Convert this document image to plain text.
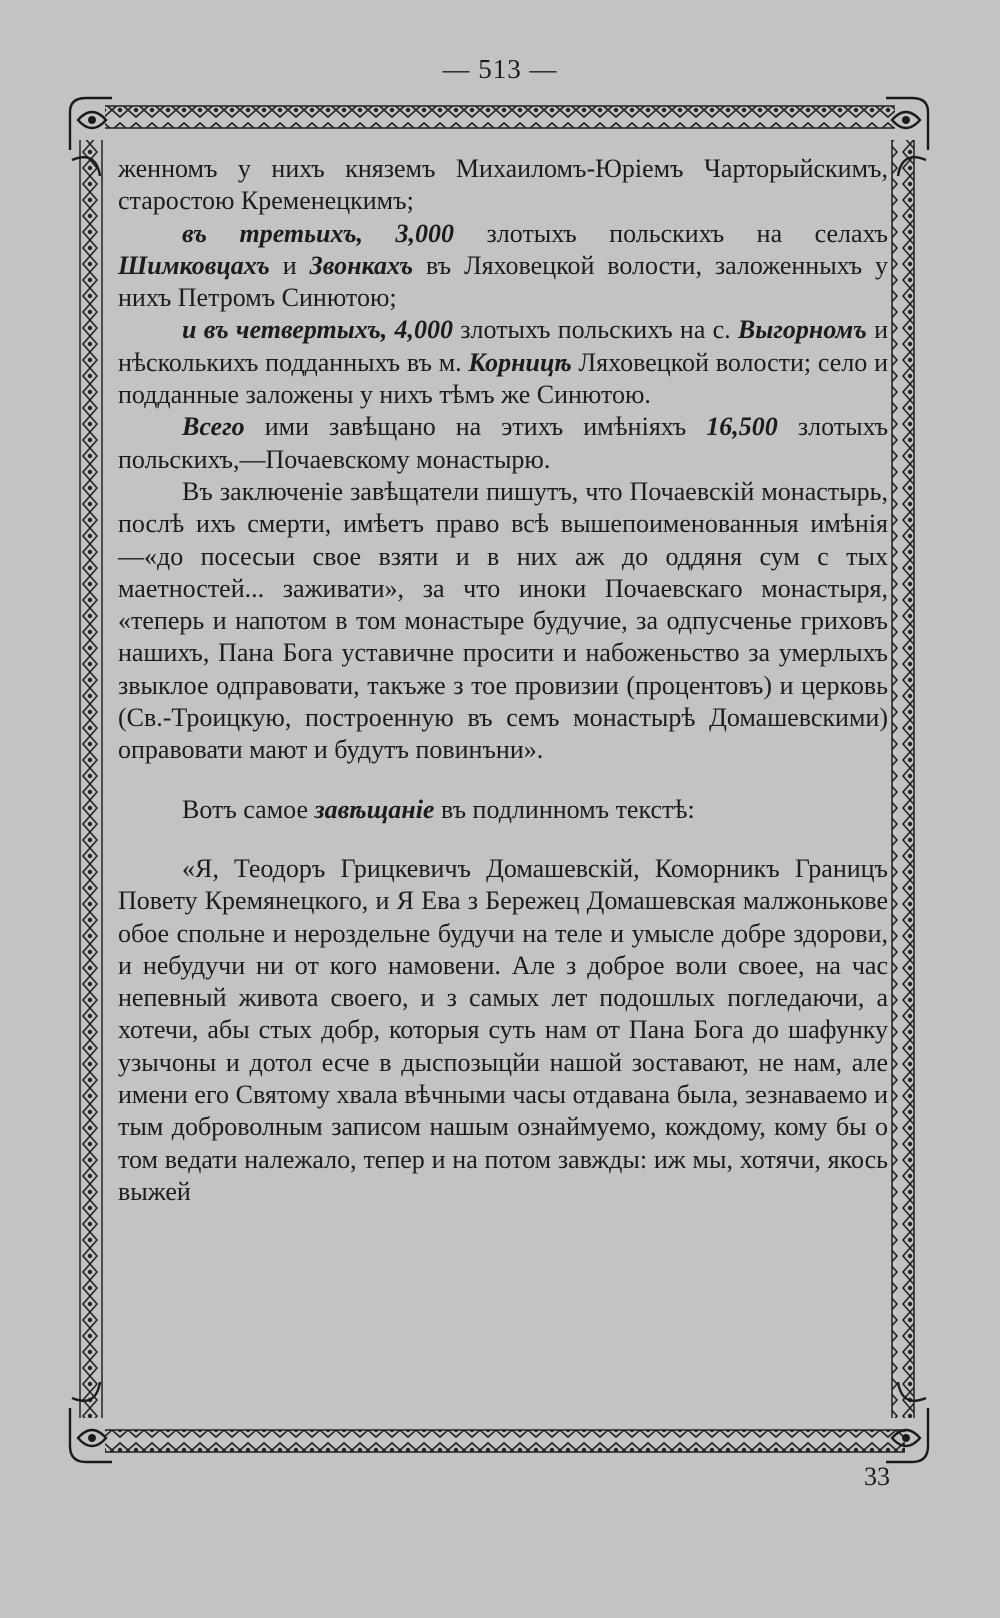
— 513 —

женномъ у нихъ княземъ Михаиломъ-Юріемъ Чарторыйскимъ, старостою Кременецкимъ;

въ третьихъ, 3,000 злотыхъ польскихъ на селахъ Шимковцахъ и Звонкахъ въ Ляховецкой волости, заложенныхъ у нихъ Петромъ Синютою;

и въ четвертыхъ, 4,000 злотыхъ польскихъ на с. Выгорномъ и нѣсколькихъ подданныхъ въ м. Корницѣ Ляховецкой волости; село и подданные заложены у нихъ тѣмъ же Синютою.

Всего ими завѣщано на этихъ имѣніяхъ 16,500 злотыхъ польскихъ,—Почаевскому монастырю.

Въ заключеніе завѣщатели пишутъ, что Почаевскій монастырь, послѣ ихъ смерти, имѣетъ право всѣ вышепоименованныя имѣнія—«до посесыи свое взяти и в них аж до оддяня сум с тых маетностей... заживати», за что иноки Почаевскаго монастыря, «теперь и напотом в том монастыре будучие, за одпусченье гриховъ нашихъ, Пана Бога уставичне просити и набоженьство за умерлыхъ звыклое одправовати, такъже з тое провизии (процентовъ) и церковь (Св.-Троицкую, построенную въ семъ монастырѣ Домашевскими) оправовати мают и будутъ повинъни».

Вотъ самое завѣщаніе въ подлинномъ текстѣ:

«Я, Теодоръ Грицкевичъ Домашевскій, Коморникъ Границъ Повету Кремянецкого, и Я Ева з Бережец Домашевская малжонькове обое спольне и нероздельне будучи на теле и умысле добре здорови, и небудучи ни от кого намовени. Але з доброе воли своее, на час непевный живота своего, и з самых лет подошлых погледаючи, а хотечи, абы стых добр, которыя суть нам от Пана Бога до шафунку узычоны и дотол есче в дыспозыцйи нашой зоставают, не нам, але имени его Святому хвала вѣчными часы отдавана была, зезнаваемо и тым доброволным записом нашым ознаймуемо, кождому, кому бы о том ведати належало, тепер и на потом завжды: иж мы, хотячи, якось выжей

33
